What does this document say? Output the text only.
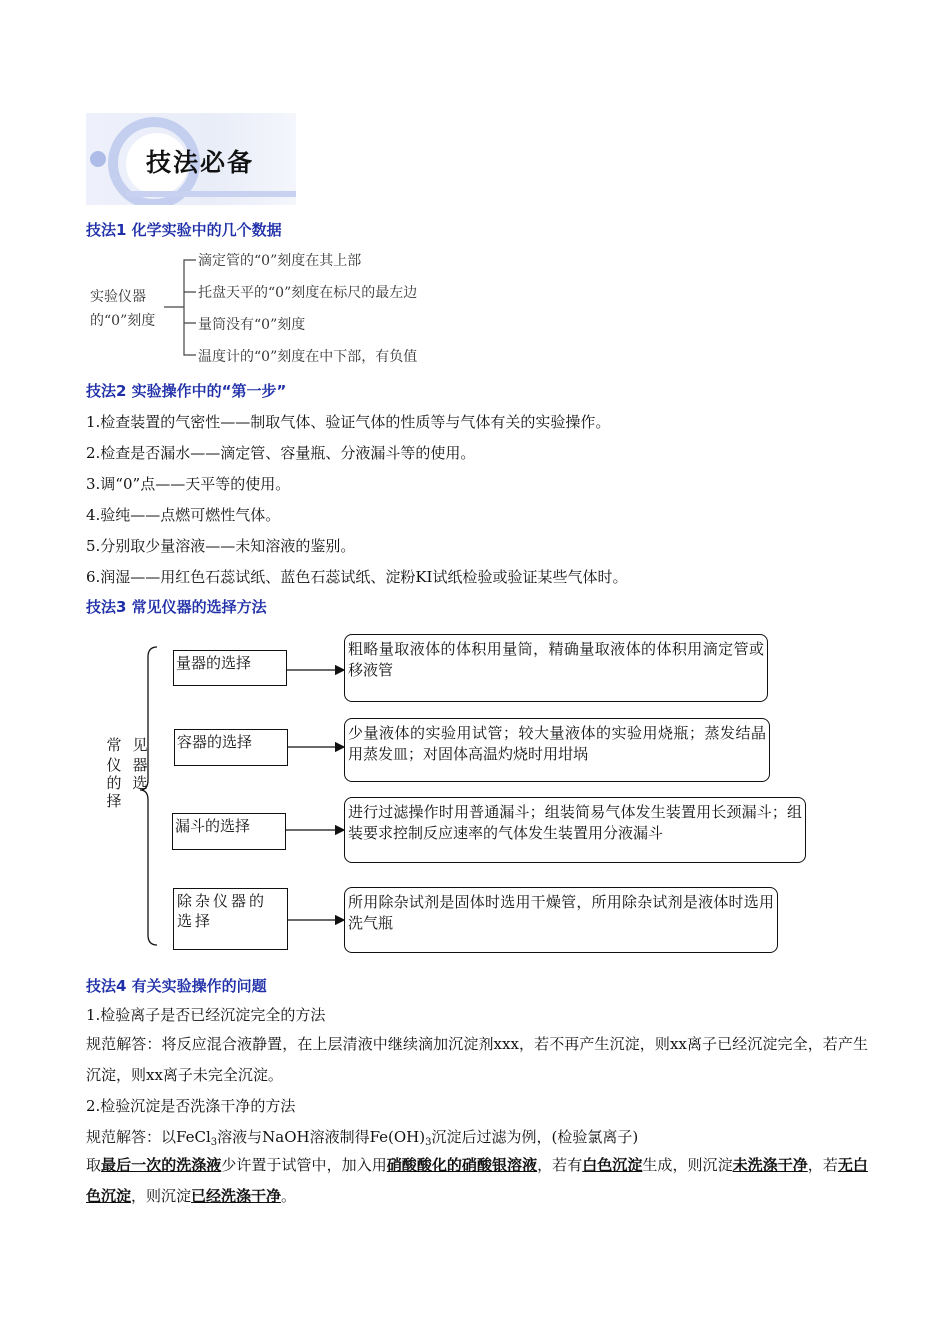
技法必备
技法1 化学实验中的几个数据
实验仪器
的“0”刻度
滴定管的“0”刻度在其上部
托盘天平的“0”刻度在标尺的最左边
量筒没有“0”刻度
温度计的“0”刻度在中下部，有负值
技法2 实验操作中的“第一步”
1.检查装置的气密性——制取气体、验证气体的性质等与气体有关的实验操作。
2.检查是否漏水——滴定管、容量瓶、分液漏斗等的使用。
3.调“0”点——天平等的使用。
4.验纯——点燃可燃性气体。
5.分别取少量溶液——未知溶液的鉴别。
6.润湿——用红色石蕊试纸、蓝色石蕊试纸、淀粉KI试纸检验或验证某些气体时。
技法3 常见仪器的选择方法
常 见
仪 器
的 选
择
量器的选择
粗略量取液体的体积用量筒，精确量取液体的体积用滴定管或移液管
容器的选择	少量液体的实验用试管；较大量液体的实验用烧瓶；蒸发结晶用蒸发皿；对固体高温灼烧时用坩埚
漏斗的选择
进行过滤操作时用普通漏斗；组装简易气体发生装置用长颈漏斗；组装要求控制反应速率的气体发生装置用分液漏斗
除杂仪器的选择
所用除杂试剂是固体时选用干燥管，所用除杂试剂是液体时选用洗气瓶
技法4 有关实验操作的问题
1.检验离子是否已经沉淀完全的方法
规范解答：将反应混合液静置，在上层清液中继续滴加沉淀剂xxx，若不再产生沉淀，则xx离子已经沉淀完全，若产生沉淀，则xx离子未完全沉淀。
2.检验沉淀是否洗涤干净的方法
规范解答：以FeCl$_3$溶液与NaOH溶液制得$Fe(OH)_3$沉淀后过滤为例，(检验氯离子)
取最后一次的洗涤液少许置于试管中，加入用硝酸酸化的硝酸银溶液，若有白色沉淀生成，则沉淀未洗涤干净，若无白色沉淀，则沉淀已经洗涤干净。
